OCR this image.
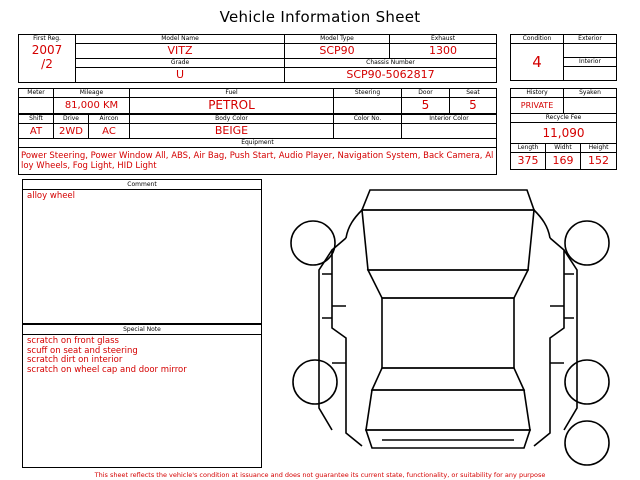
Vehicle Information Sheet
First Reg.
2007
/2	Model Name	Model Type	Exhaust
	VITZ	SCP90	1300
	Grade	Chassis Number	
	U	SCP90-5062817	
Condition	Exterior
4	
	Interior

Meter	Mileage	Fuel	Steering	Door	Seat
	81,000 KM	PETROL		5	5
Shift	Drive	Aircon	Body Color	Color No.	Interior Color
AT	2WD	AC	BEIGE		
Equipment					
Power Steering, Power Window All, ABS, Air Bag, Push Start, Audio Player, Navigation System, Back Camera, Alloy Wheels, Fog Light, HID Light					
History		Syaken	
PRIVATE			
Recycle Fee			
11,090			
Length	Widht		Height
375	169		152
Comment
alloy wheel
Special Note
scratch on front glass
scuff on seat and steering
scratch dirt on interior
scratch on wheel cap and door mirror
This sheet reflects the vehicle's condition at issuance and does not guarantee its current state, functionality, or suitability for any purpose
